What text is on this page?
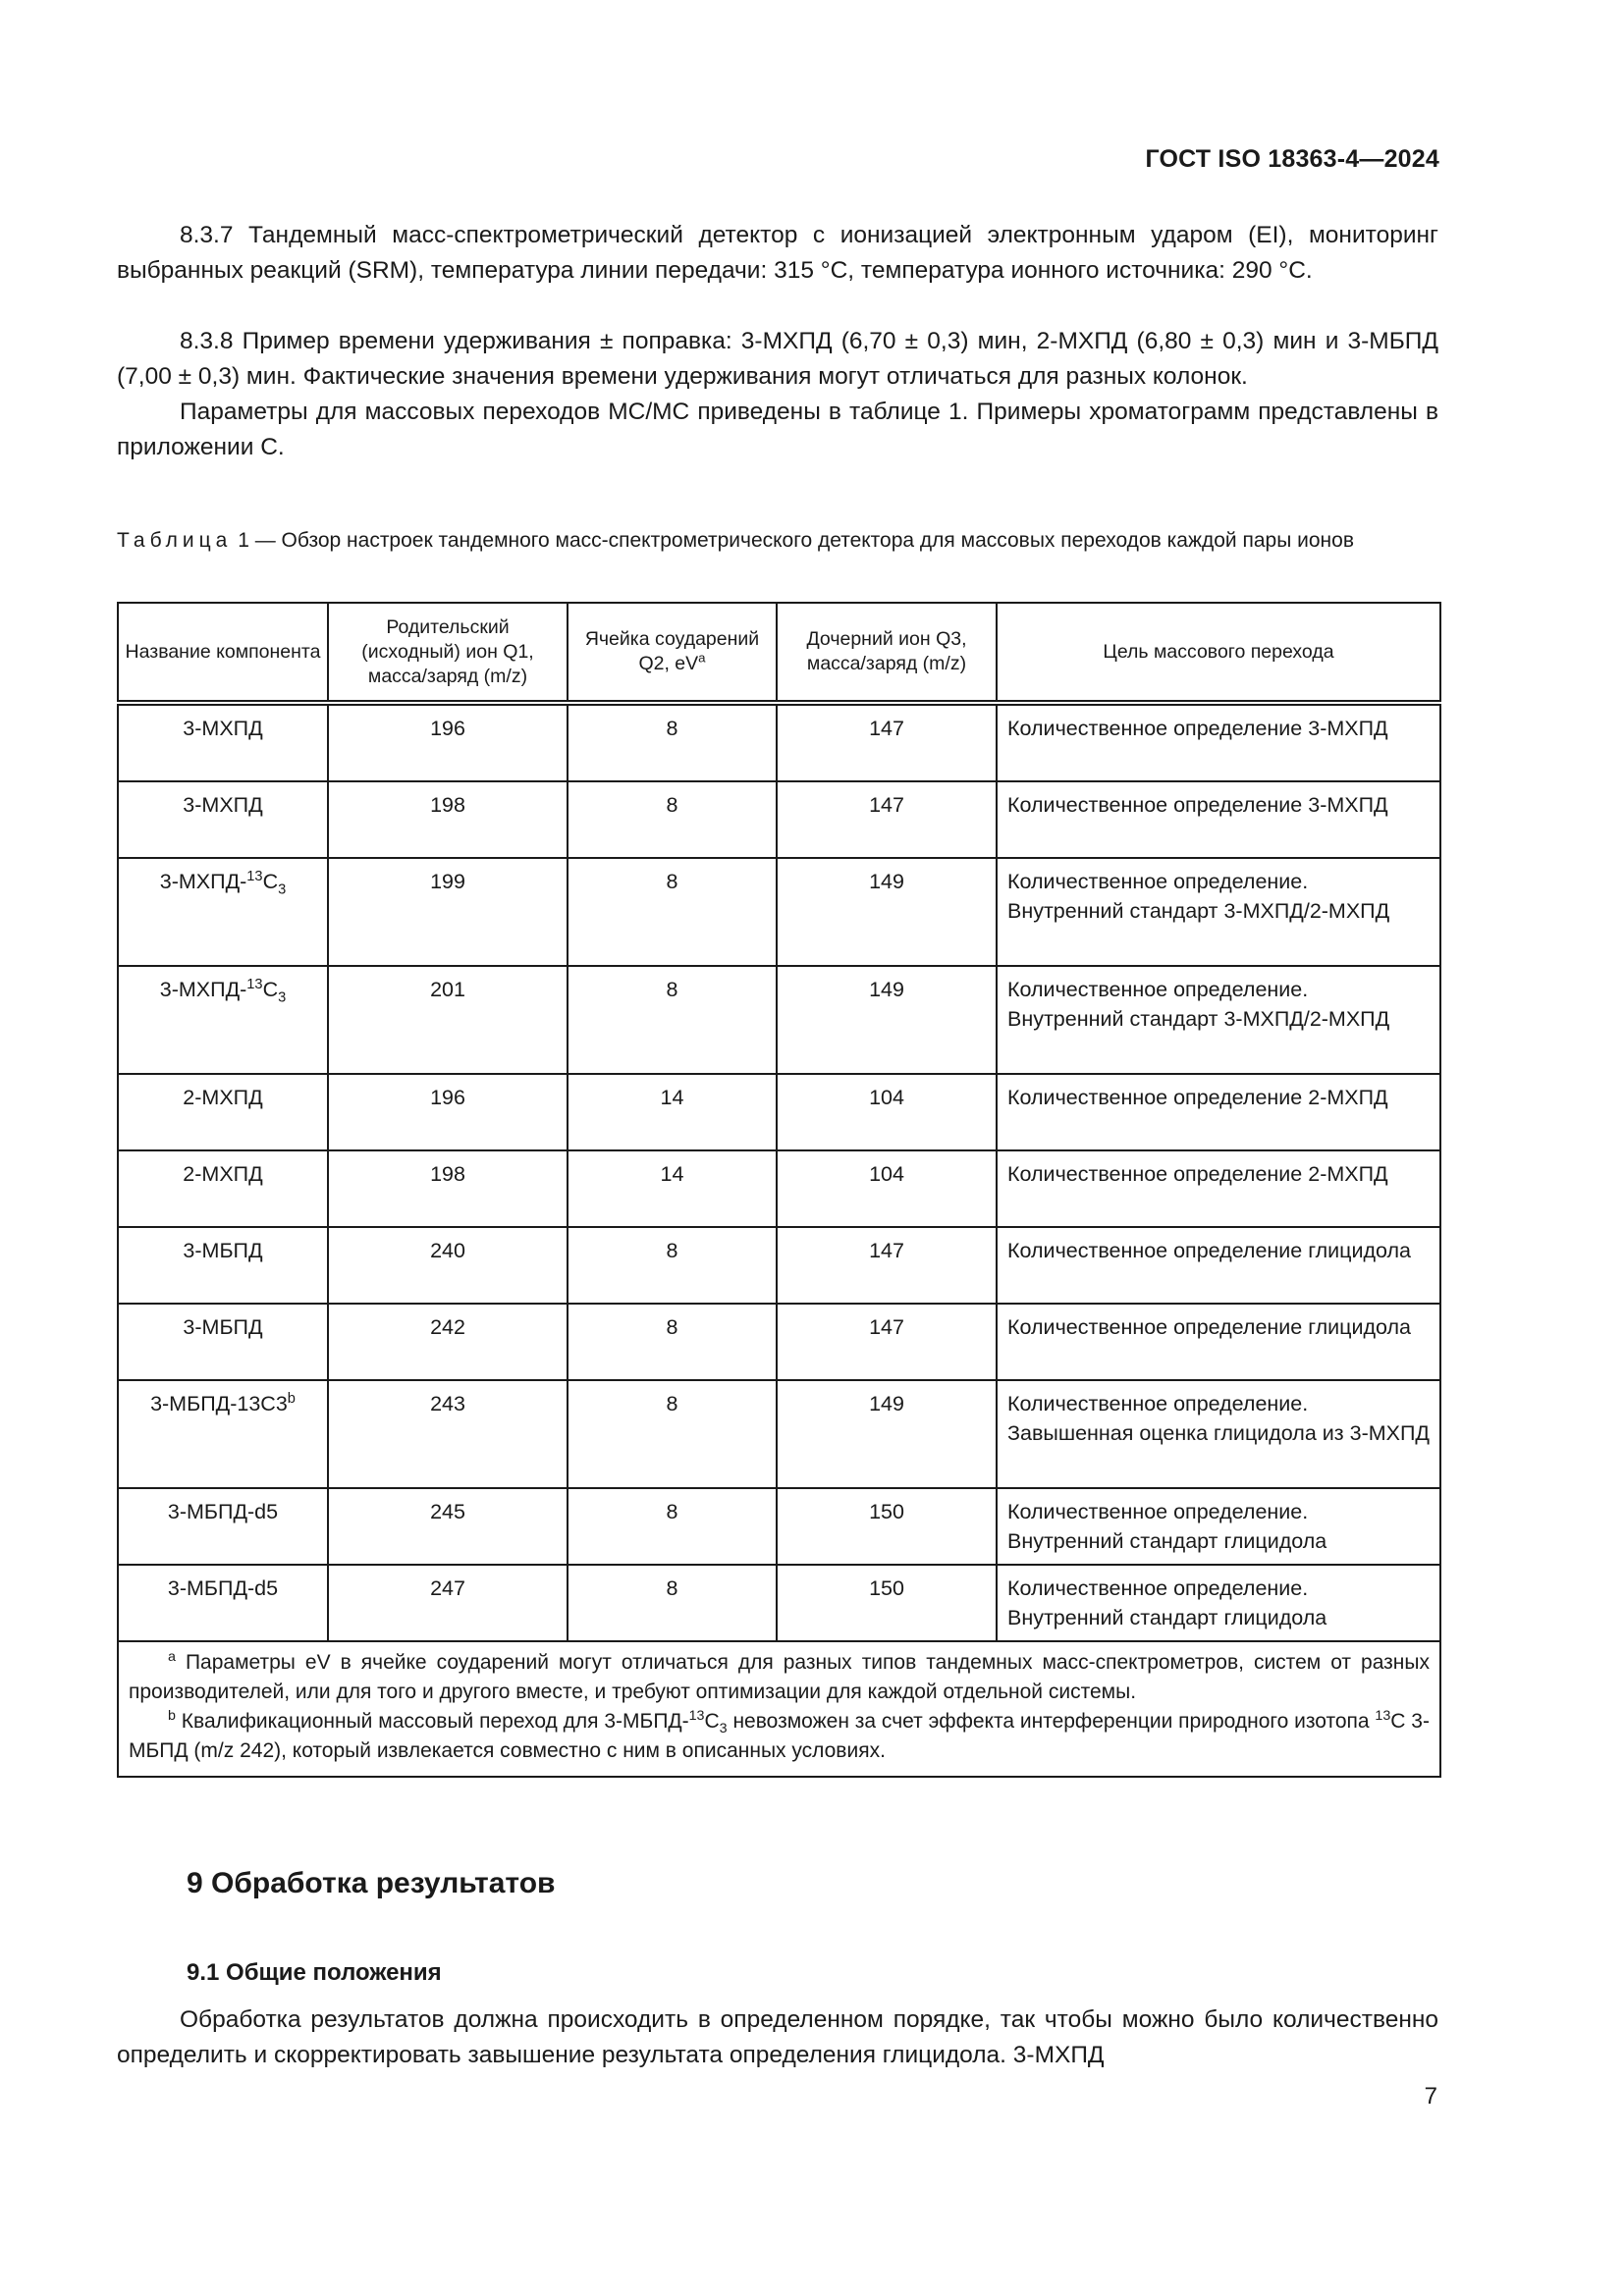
ГОСТ ISO 18363-4—2024

8.3.7 Тандемный масс-спектрометрический детектор с ионизацией электронным ударом (EI), мониторинг выбранных реакций (SRM), температура линии передачи: 315 °C, температура ионного источника: 290 °C.

8.3.8 Пример времени удерживания ± поправка: 3-МХПД (6,70 ± 0,3) мин, 2-МХПД (6,80 ± 0,3) мин и 3-МБПД (7,00 ± 0,3) мин. Фактические значения времени удерживания могут отличаться для разных колонок.

Параметры для массовых переходов МС/МС приведены в таблице 1. Примеры хроматограмм представлены в приложении С.

Таблица 1 — Обзор настроек тандемного масс-спектрометрического детектора для массовых переходов каждой пары ионов
Название компонента	Родительский (исходный) ион Q1, масса/заряд (m/z)	Ячейка соударений Q2, $eV^a$	Дочерний ион Q3, масса/заряд (m/z)	Цель массового перехода
3-МХПД	196	8	147	Количественное определение 3-МХПД
3-МХПД	198	8	147	Количественное определение 3-МХПД
$3-МХПД-^{13}C_3$	199	8	149	Количественное определение. Внутренний стандарт 3-МХПД/2-МХПД
$3-МХПД-^{13}C_3$	201	8	149	Количественное определение. Внутренний стандарт 3-МХПД/2-МХПД
2-МХПД	196	14	104	Количественное определение 2-МХПД
2-МХПД	198	14	104	Количественное определение 2-МХПД
3-МБПД	240	8	147	Количественное определение глицидола
3-МБПД	242	8	147	Количественное определение глицидола
3-МБПД-13С3$^b$	243	8	149	Количественное определение. Завышенная оценка глицидола из 3-МХПД
3-МБПД-d5	245	8	150	Количественное определение. Внутренний стандарт глицидола
3-МБПД-d5	247	8	150	Количественное определение. Внутренний стандарт глицидола

$^a$ Параметры eV в ячейке соударений могут отличаться для разных типов тандемных масс-спектрометров, систем от разных производителей, или для того и другого вместе, и требуют оптимизации для каждой отдельной системы.

$^b$ Квалификационный массовый переход для $3-МБПД-^{13}C_3$ невозможен за счет эффекта интерференции природного изотопа $^{13}$C 3-МБПД (m/z 242), который извлекается совместно с ним в описанных условиях.				

9 Обработка результатов
9.1 Общие положения

Обработка результатов должна происходить в определенном порядке, так чтобы можно было количественно определить и скорректировать завышение результата определения глицидола. 3-МХПД

7
